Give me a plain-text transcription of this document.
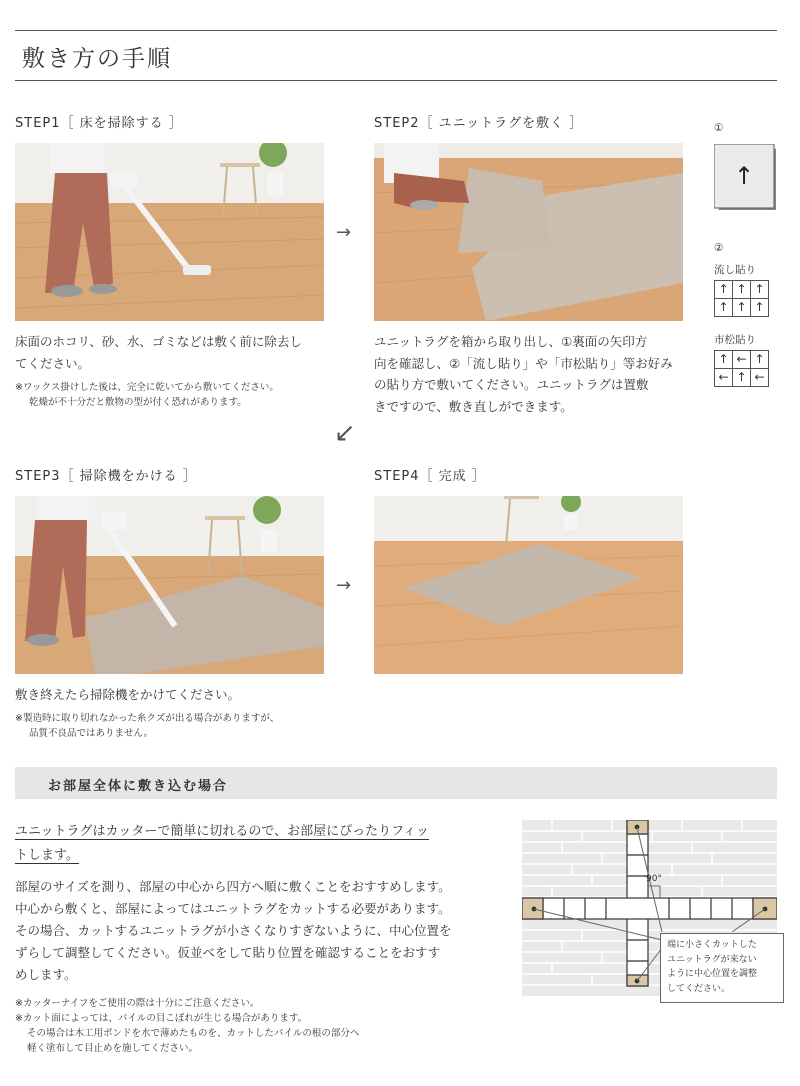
敷き方の手順
STEP1［ 床を掃除する ］
床面のホコリ、砂、水、ゴミなどは敷く前に除去し
てください。
※ワックス掛けした後は、完全に乾いてから敷いてください。
乾燥が不十分だと敷物の型が付く恐れがあります。
→
STEP2［ ユニットラグを敷く ］
ユニットラグを箱から取り出し、①裏面の矢印方
向を確認し、②「流し貼り」や「市松貼り」等お好み
の貼り方で敷いてください。ユニットラグは置敷
きですので、敷き直しができます。
①
↑
②
流し貼り
↑ ↑ ↑
↑ ↑ ↑
市松貼り
↑ ← ↑
← ↑ ←
↙
STEP3［ 掃除機をかける ］
敷き終えたら掃除機をかけてください。
※製造時に取り切れなかった糸クズが出る場合がありますが、
品質不良品ではありません。
→
STEP4［ 完成 ］
お部屋全体に敷き込む場合
ユニットラグはカッターで簡単に切れるので、お部屋にぴったりフィッ
トします。
部屋のサイズを測り、部屋の中心から四方へ順に敷くことをおすすめします。
中心から敷くと、部屋によってはユニットラグをカットする必要があります。
その場合、カットするユニットラグが小さくなりすぎないように、中心位置を
ずらして調整してください。仮並べをして貼り位置を確認することをおすす
めします。
※カッターナイフをご使用の際は十分にご注意ください。
※カット面によっては、パイルの目こぼれが生じる場合があります。
その場合は木工用ボンドを水で薄めたものを、カットしたパイルの根の部分へ
軽く塗布して目止めを施してください。
90°
端に小さくカットした
ユニットラグが来ない
ように中心位置を調整
してください。
